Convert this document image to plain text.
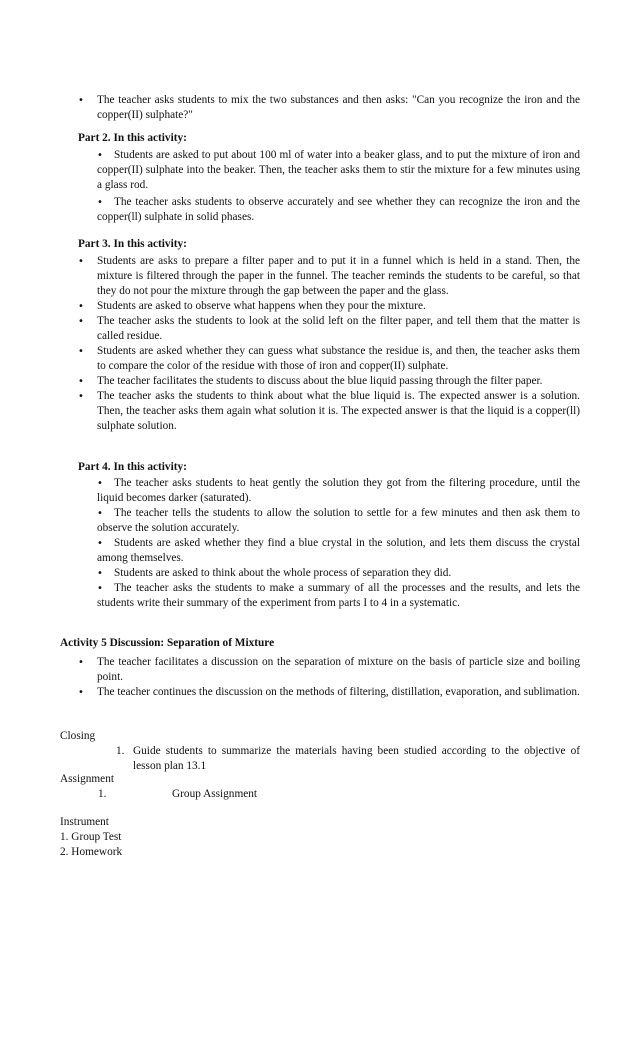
• The teacher asks students to mix the two substances and then asks: "Can you recognize the iron and the copper(II) sulphate?"
Part 2. In this activity:
• Students are asked to put about 100 ml of water into a beaker glass, and to put the mixture of iron and copper(II) sulphate into the beaker. Then, the teacher asks them to stir the mixture for a few minutes using a glass rod.
• The teacher asks students to observe accurately and see whether they can recognize the iron and the copper(ll) sulphate in solid phases.
Part 3. In this activity:
• Students are asks to prepare a filter paper and to put it in a funnel which is held in a stand. Then, the mixture is filtered through the paper in the funnel. The teacher reminds the students to be careful, so that they do not pour the mixture through the gap between the paper and the glass.
• Students are asked to observe what happens when they pour the mixture.
• The teacher asks the students to look at the solid left on the filter paper, and tell them that the matter is called residue.
• Students are asked whether they can guess what substance the residue is, and then, the teacher asks them to compare the color of the residue with those of iron and copper(II) sulphate.
• The teacher facilitates the students to discuss about the blue liquid passing through the filter paper.
• The teacher asks the students to think about what the blue liquid is. The expected answer is a solution. Then, the teacher asks them again what solution it is. The expected answer is that the liquid is a copper(ll) sulphate solution.
Part 4. In this activity:
• The teacher asks students to heat gently the solution they got from the filtering procedure, until the liquid becomes darker (saturated).
• The teacher tells the students to allow the solution to settle for a few minutes and then ask them to observe the solution accurately.
• Students are asked whether they find a blue crystal in the solution, and lets them discuss the crystal among themselves.
• Students are asked to think about the whole process of separation they did.
• The teacher asks the students to make a summary of all the processes and the results, and lets the students write their summary of the experiment from parts I to 4 in a systematic.
Activity 5 Discussion: Separation of Mixture
• The teacher facilitates a discussion on the separation of mixture on the basis of particle size and boiling point.
• The teacher continues the discussion on the methods of filtering, distillation, evaporation, and sublimation.
Closing
1. Guide students to summarize the materials having been studied according to the objective of lesson plan 13.1
Assignment
1.	Group Assignment
Instrument
1. Group Test
2. Homework
